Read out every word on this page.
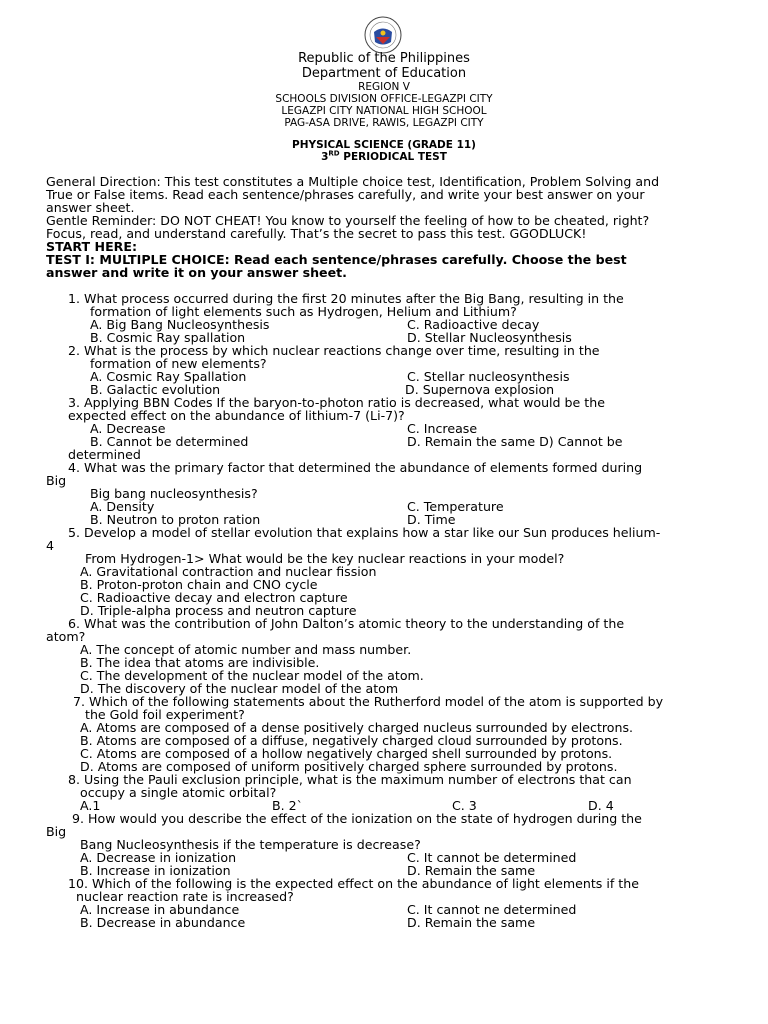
Republic of the Philippines
Department of Education
REGION V
SCHOOLS DIVISION OFFICE-LEGAZPI CITY
LEGAZPI CITY NATIONAL HIGH SCHOOL
PAG-ASA DRIVE, RAWIS, LEGAZPI CITY
PHYSICAL SCIENCE (GRADE 11)
3RD PERIODICAL TEST
General Direction: This test constitutes a Multiple choice test, Identification, Problem Solving and
True or False items. Read each sentence/phrases carefully, and write your best answer on your
answer sheet.
Gentle Reminder: DO NOT CHEAT! You know to yourself the feeling of how to be cheated, right?
Focus, read, and understand carefully. That’s the secret to pass this test. GGODLUCK!
START HERE:
TEST I: MULTIPLE CHOICE: Read each sentence/phrases carefully. Choose the best
answer and write it on your answer sheet.
1. What process occurred during the first 20 minutes after the Big Bang, resulting in the
formation of light elements such as Hydrogen, Helium and Lithium?
A. Big Bang Nucleosynthesis	C. Radioactive decay
B. Cosmic Ray spallation	D. Stellar Nucleosynthesis
2. What is the process by which nuclear reactions change over time, resulting in the
formation of new elements?
A. Cosmic Ray Spallation	C. Stellar nucleosynthesis
B. Galactic evolution	D. Supernova explosion
3. Applying BBN Codes If the baryon-to-photon ratio is decreased, what would be the
expected effect on the abundance of lithium-7 (Li-7)?
A. Decrease	C. Increase
B. Cannot be determined	D. Remain the same D) Cannot be
determined
4. What was the primary factor that determined the abundance of elements formed during
Big
Big bang nucleosynthesis?
A. Density	C. Temperature
B. Neutron to proton ration	D. Time
5. Develop a model of stellar evolution that explains how a star like our Sun produces helium-
4
From Hydrogen-1> What would be the key nuclear reactions in your model?
A. Gravitational contraction and nuclear fission
B. Proton-proton chain and CNO cycle
C. Radioactive decay and electron capture
D. Triple-alpha process and neutron capture
6. What was the contribution of John Dalton’s atomic theory to the understanding of the
atom?
A. The concept of atomic number and mass number.
B. The idea that atoms are indivisible.
C. The development of the nuclear model of the atom.
D. The discovery of the nuclear model of the atom
7. Which of the following statements about the Rutherford model of the atom is supported by
the Gold foil experiment?
A. Atoms are composed of a dense positively charged nucleus surrounded by electrons.
B. Atoms are composed of a diffuse, negatively charged cloud surrounded by protons.
C. Atoms are composed of a hollow negatively charged shell surrounded by protons.
D. Atoms are composed of uniform positively charged sphere surrounded by protons.
8. Using the Pauli exclusion principle, what is the maximum number of electrons that can
occupy a single atomic orbital?
A.1	B. 2`	C. 3	D. 4
9. How would you describe the effect of the ionization on the state of hydrogen during the
Big
Bang Nucleosynthesis if the temperature is decrease?
A. Decrease in ionization	C. It cannot be determined
B. Increase in ionization	D. Remain the same
10. Which of the following is the expected effect on the abundance of light elements if the
nuclear reaction rate is increased?
A. Increase in abundance	C. It cannot ne determined
B. Decrease in abundance	D. Remain the same
